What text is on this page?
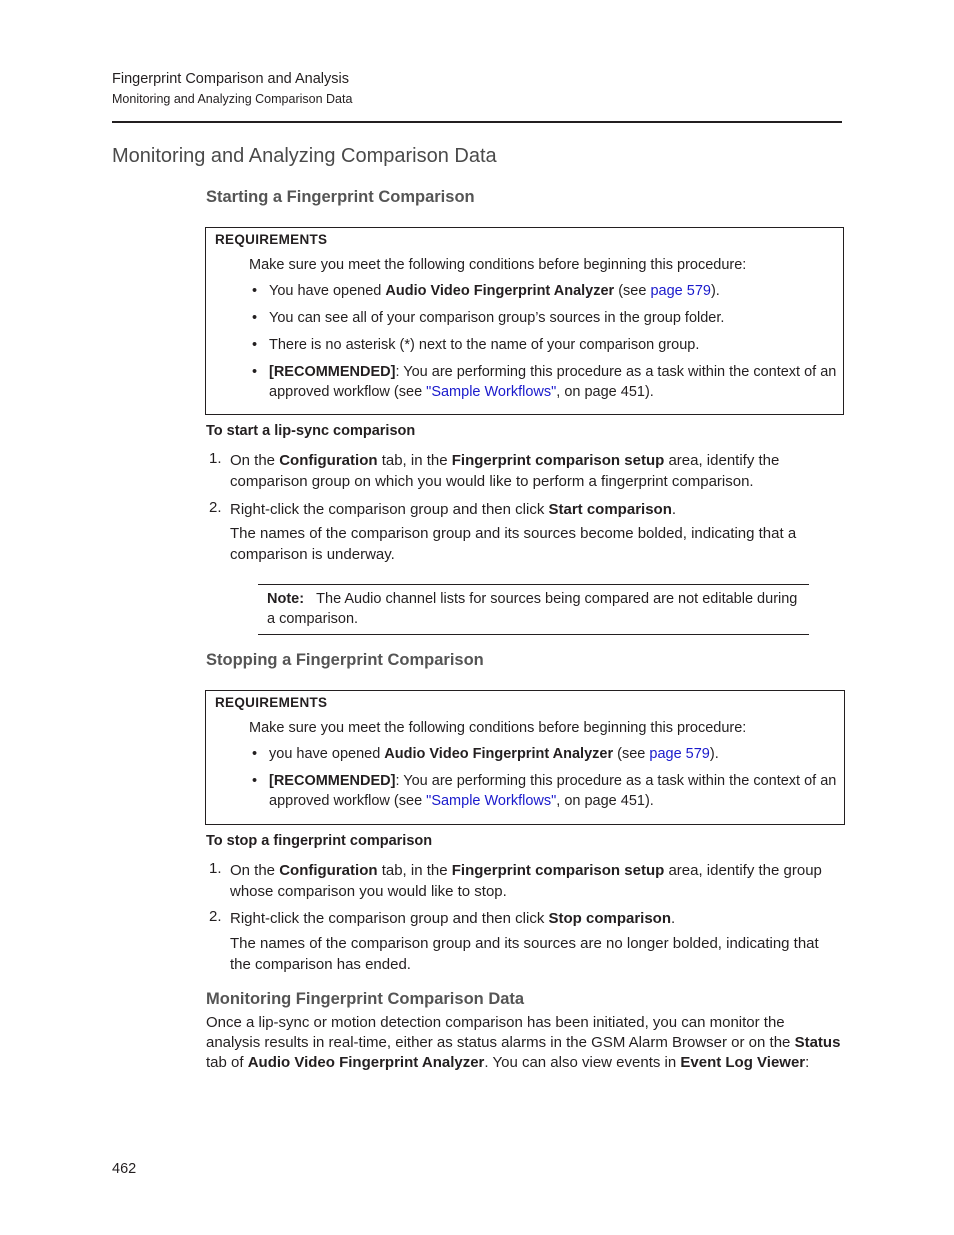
Fingerprint Comparison and Analysis
Monitoring and Analyzing Comparison Data
Monitoring and Analyzing Comparison Data
Starting a Fingerprint Comparison
REQUIREMENTS
Make sure you meet the following conditions before beginning this procedure:
• You have opened Audio Video Fingerprint Analyzer (see page 579).
• You can see all of your comparison group’s sources in the group folder.
• There is no asterisk (*) next to the name of your comparison group.
• [RECOMMENDED]: You are performing this procedure as a task within the context of an approved workflow (see "Sample Workflows", on page 451).
To start a lip-sync comparison
1. On the Configuration tab, in the Fingerprint comparison setup area, identify the comparison group on which you would like to perform a fingerprint comparison.
2. Right-click the comparison group and then click Start comparison.
The names of the comparison group and its sources become bolded, indicating that a comparison is underway.
Note: The Audio channel lists for sources being compared are not editable during a comparison.
Stopping a Fingerprint Comparison
REQUIREMENTS
Make sure you meet the following conditions before beginning this procedure:
• you have opened Audio Video Fingerprint Analyzer (see page 579).
• [RECOMMENDED]: You are performing this procedure as a task within the context of an approved workflow (see "Sample Workflows", on page 451).
To stop a fingerprint comparison
1. On the Configuration tab, in the Fingerprint comparison setup area, identify the group whose comparison you would like to stop.
2. Right-click the comparison group and then click Stop comparison.
The names of the comparison group and its sources are no longer bolded, indicating that the comparison has ended.
Monitoring Fingerprint Comparison Data
Once a lip-sync or motion detection comparison has been initiated, you can monitor the analysis results in real-time, either as status alarms in the GSM Alarm Browser or on the Status tab of Audio Video Fingerprint Analyzer. You can also view events in Event Log Viewer:
462
